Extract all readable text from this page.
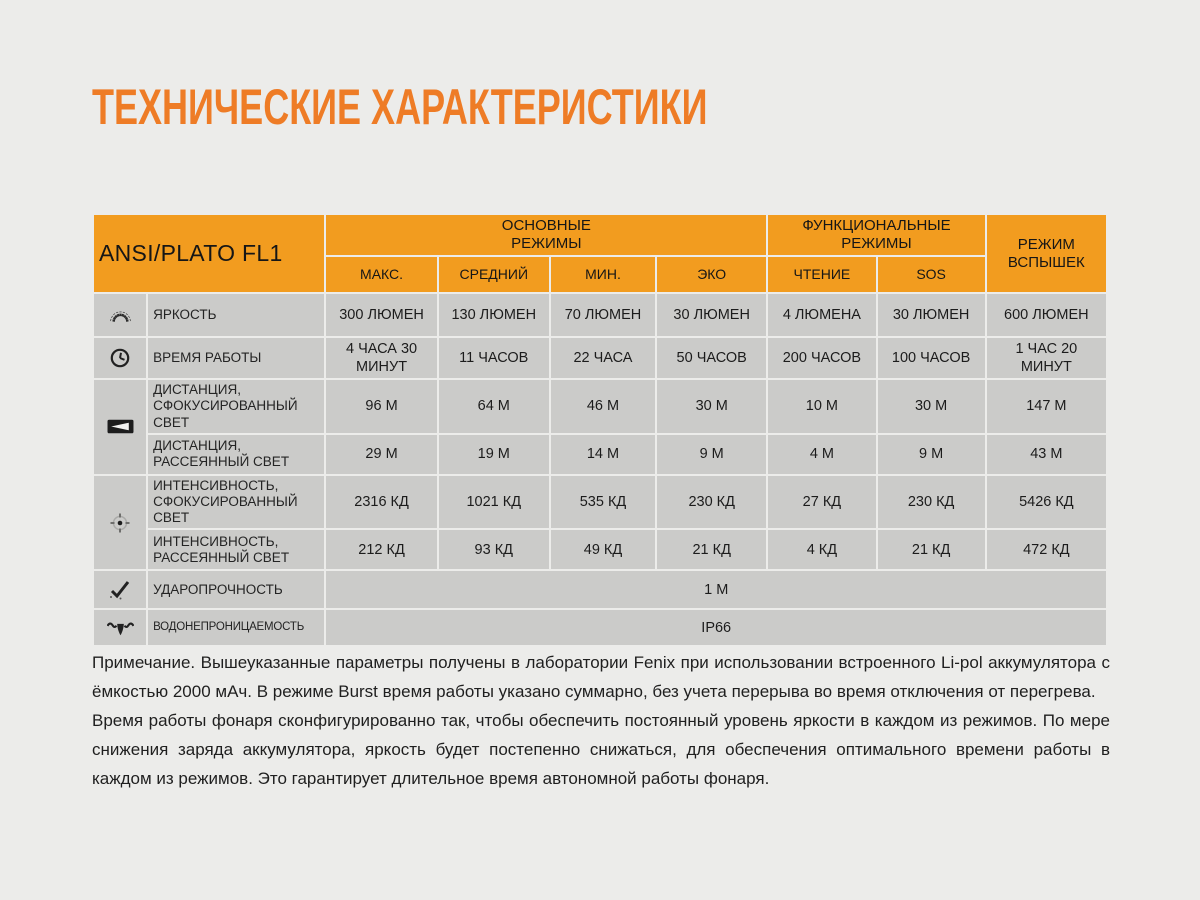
ТЕХНИЧЕСКИЕ ХАРАКТЕРИСТИКИ
ANSI/PLATO FL1		ОСНОВНЫЕ РЕЖИМЫ				ФУНКЦИОНАЛЬНЫЕ РЕЖИМЫ		РЕЖИМ ВСПЫШЕК
		МАКС.	СРЕДНИЙ	МИН.	ЭКО	ЧТЕНИЕ	SOS	
	ЯРКОСТЬ	300 ЛЮМЕН	130 ЛЮМЕН	70 ЛЮМЕН	30 ЛЮМЕН	4 ЛЮМЕНА	30 ЛЮМЕН	600 ЛЮМЕН
	ВРЕМЯ РАБОТЫ	4 ЧАСА 30 МИНУТ	11 ЧАСОВ	22 ЧАСА	50 ЧАСОВ	200 ЧАСОВ	100 ЧАСОВ	1 ЧАС 20 МИНУТ
	ДИСТАНЦИЯ, СФОКУСИРОВАННЫЙ СВЕТ	96 М	64 М	46 М	30 М	10 М	30 М	147 М
	ДИСТАНЦИЯ, РАССЕЯННЫЙ СВЕТ	29 М	19 М	14 М	9 М	4 М	9 М	43 М
	ИНТЕНСИВНОСТЬ, СФОКУСИРОВАННЫЙ СВЕТ	2316 КД	1021 КД	535 КД	230 КД	27 КД	230 КД	5426 КД
	ИНТЕНСИВНОСТЬ, РАССЕЯННЫЙ СВЕТ	212 КД	93 КД	49 КД	21 КД	4 КД	21 КД	472 КД
	УДАРОПРОЧНОСТЬ	1 М						
	ВОДОНЕПРОНИЦАЕМОСТЬ	IP66						

Примечание. Вышеуказанные параметры получены в лаборатории Fenix при использовании встроенного Li-pol аккумулятора с ёмкостью 2000 мАч. В режиме Burst время работы указано суммарно, без учета перерыва во время отключения от перегрева.

Время работы фонаря сконфигурированно так, чтобы обеспечить постоянный уровень яркости в каждом из режимов. По мере снижения заряда аккумулятора, яркость будет постепенно снижаться, для обеспечения оптимального времени работы в каждом из режимов. Это гарантирует длительное время автономной работы фонаря.
